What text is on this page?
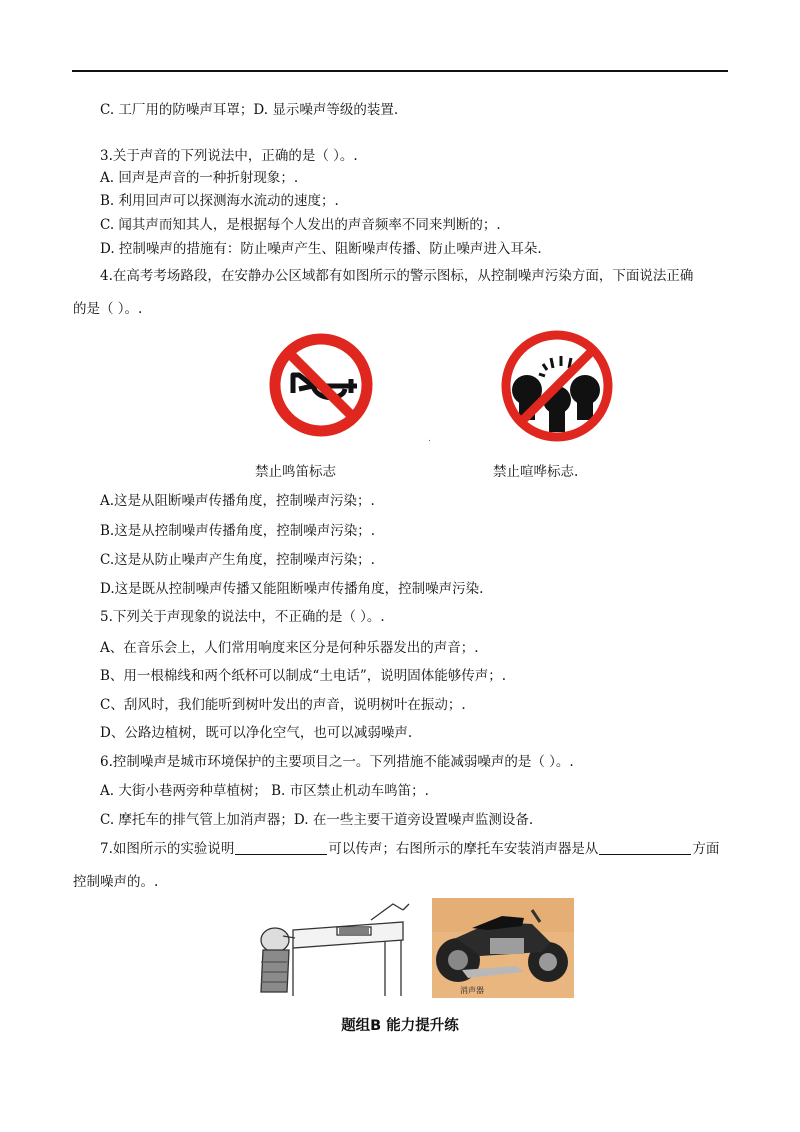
C. 工厂用的防噪声耳罩；D. 显示噪声等级的装置.
3.关于声音的下列说法中，正确的是（ ）。.
A. 回声是声音的一种折射现象；.
B. 利用回声可以探测海水流动的速度；.
C. 闻其声而知其人，是根据每个人发出的声音频率不同来判断的；.
D. 控制噪声的措施有：防止噪声产生、阻断噪声传播、防止噪声进入耳朵.
4.在高考考场路段，在安静办公区域都有如图所示的警示图标，从控制噪声污染方面，下面说法正确
的是（ ）。.
.
禁止鸣笛标志	禁止喧哗标志.
A.这是从阻断噪声传播角度，控制噪声污染；.
B.这是从控制噪声传播角度，控制噪声污染；.
C.这是从防止噪声产生角度，控制噪声污染；.
D.这是既从控制噪声传播又能阻断噪声传播角度，控制噪声污染.
5.下列关于声现象的说法中，不正确的是（ ）。.
A、在音乐会上，人们常用响度来区分是何种乐器发出的声音；.
B、用一根棉线和两个纸杯可以制成“土电话”，说明固体能够传声；.
C、刮风时，我们能听到树叶发出的声音，说明树叶在振动；.
D、公路边植树，既可以净化空气，也可以减弱噪声.
6.控制噪声是城市环境保护的主要项目之一。下列措施不能减弱噪声的是（ ）。.
A. 大街小巷两旁种草植树； B. 市区禁止机动车鸣笛；.
C. 摩托车的排气管上加消声器；D. 在一些主要干道旁设置噪声监测设备.
7.如图所示的实验说明	可以传声；右图所示的摩托车安装消声器是从	方面
控制噪声的。.
消声器
题组B 能力提升练
